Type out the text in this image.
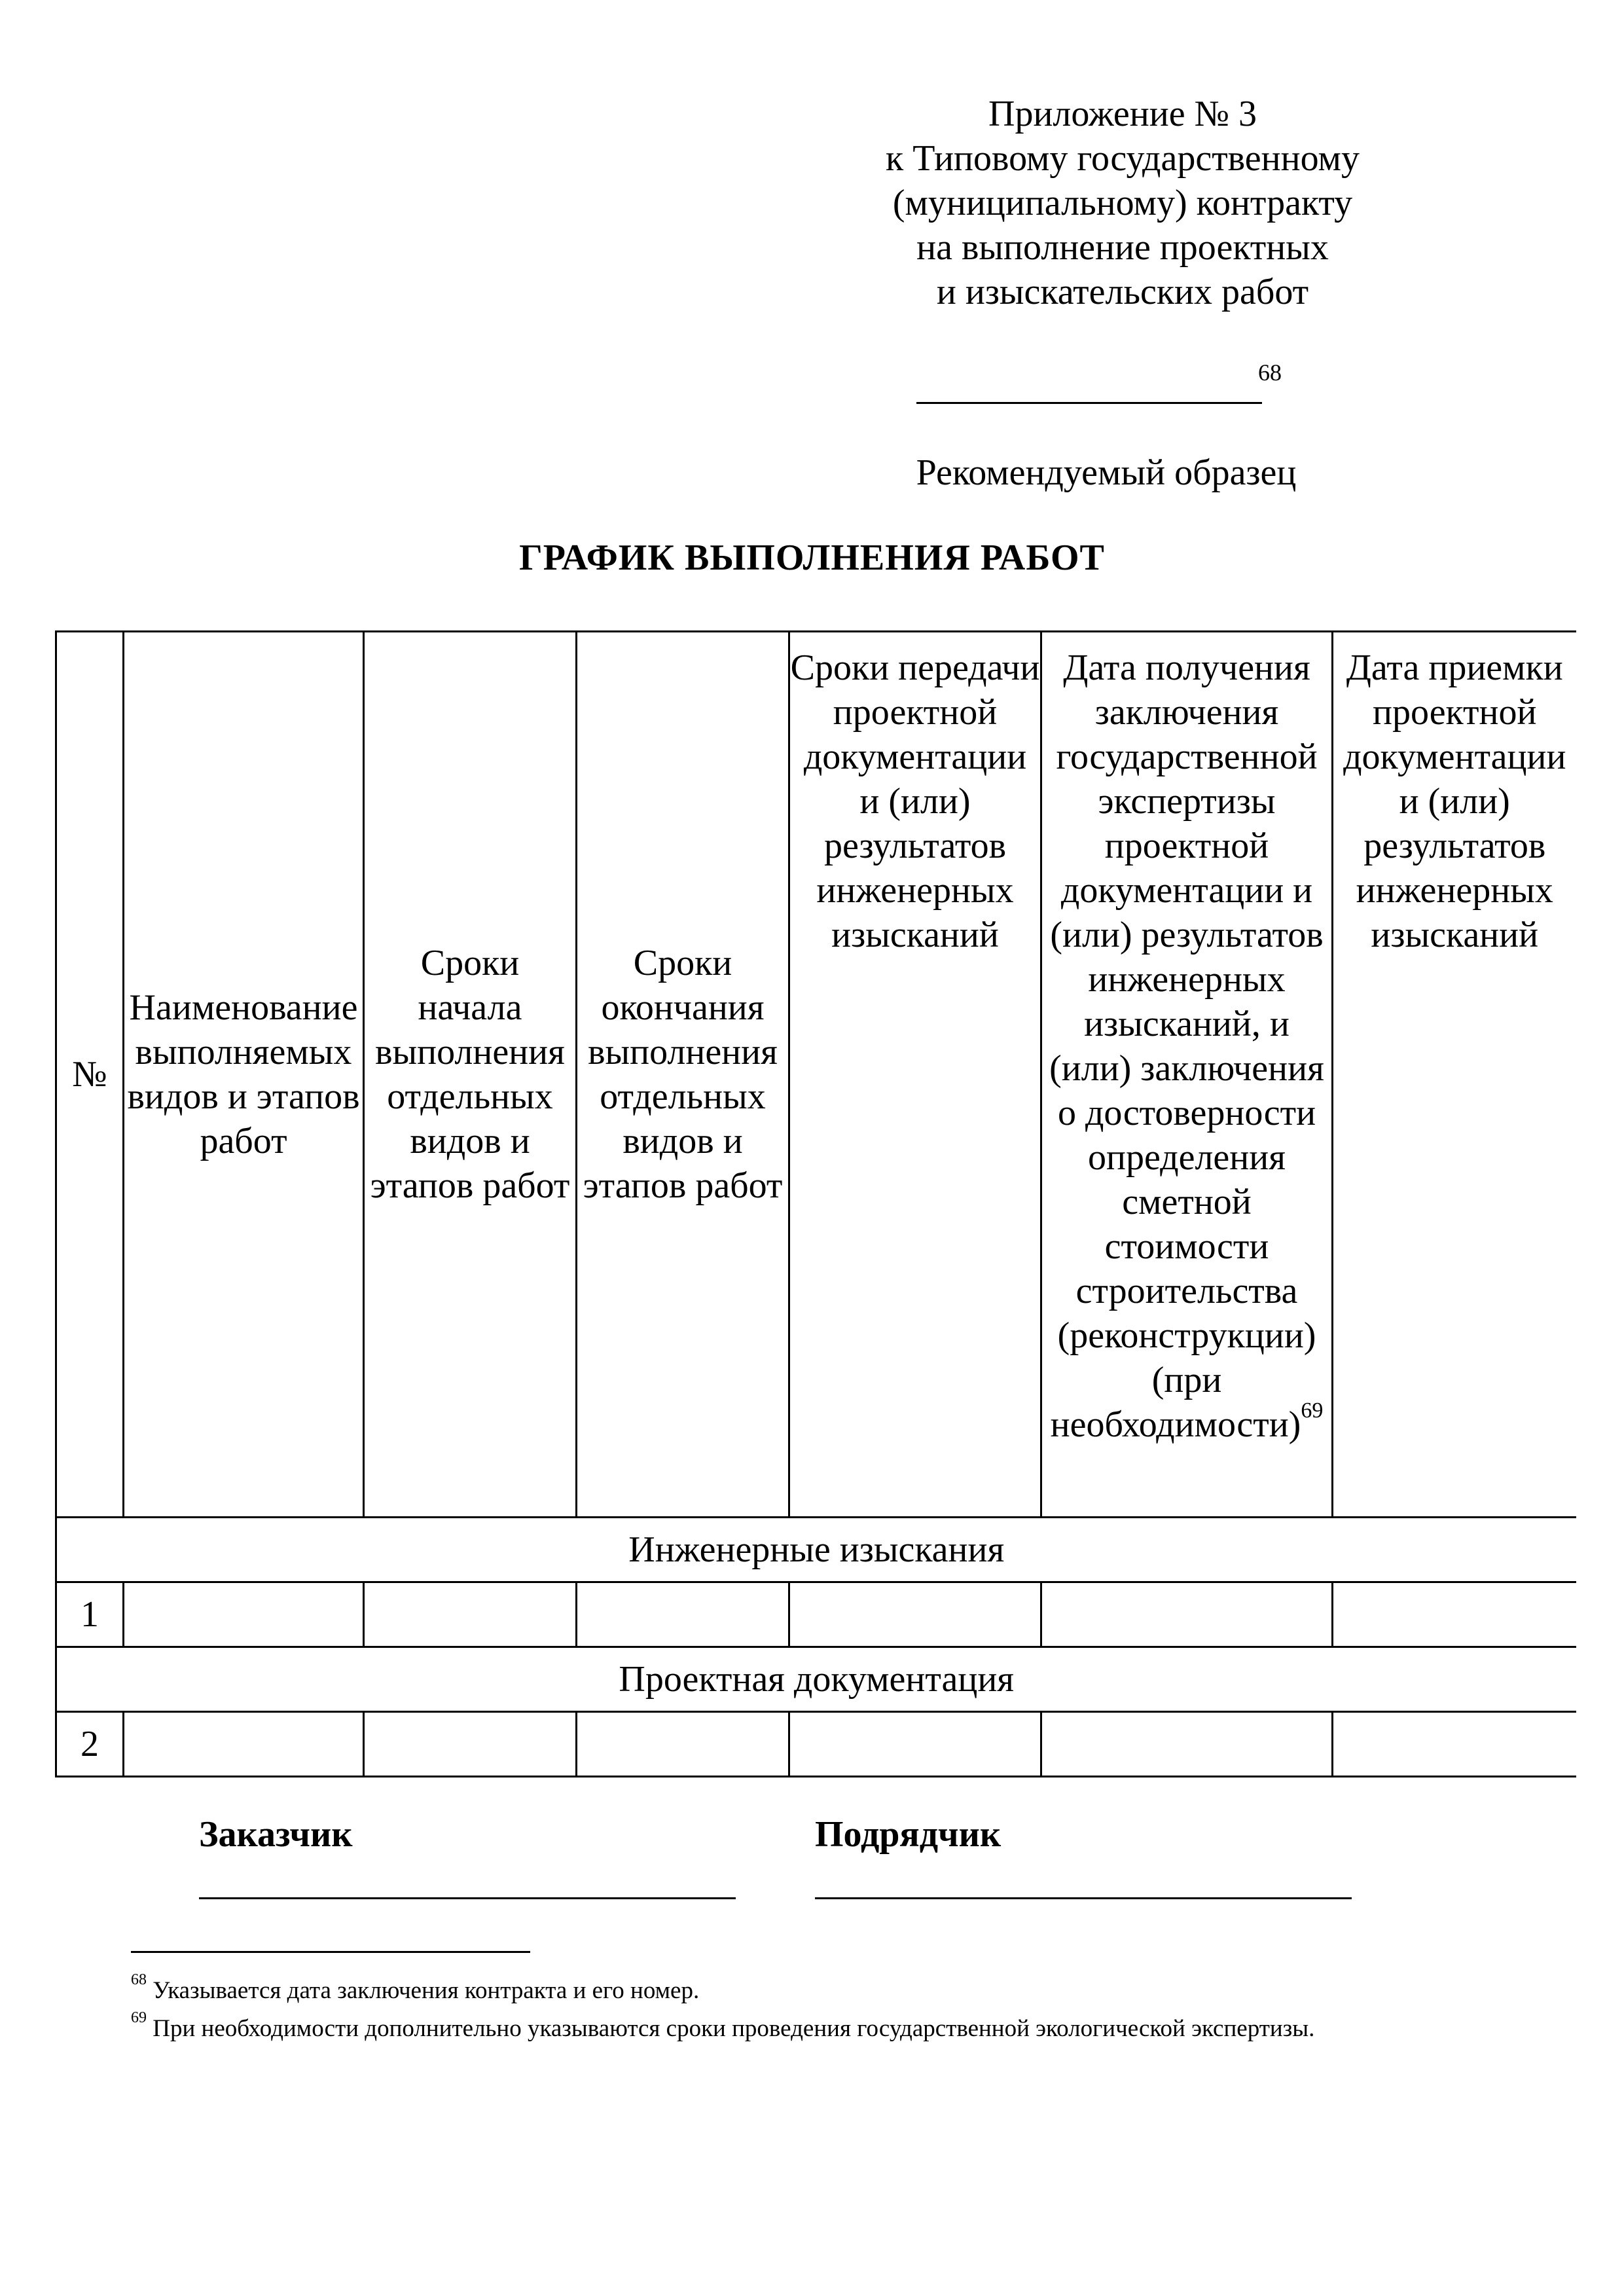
Приложение № 3
к Типовому государственному
(муниципальному) контракту
на выполнение проектных
и изыскательских работ
68
Рекомендуемый образец
ГРАФИК ВЫПОЛНЕНИЯ РАБОТ
№	Наименование выполняемых видов и этапов работ	Сроки начала выполнения отдельных видов и этапов работ	Сроки окончания выполнения отдельных видов и этапов работ	Сроки передачи проектной документации и (или) результатов инженерных изысканий	Дата получения заключения государственной экспертизы проектной документации и (или) результатов инженерных изысканий, и (или) заключения о достоверности определения сметной стоимости строительства (реконструкции) (при необходимости)$^{69}$	Дата приемки проектной документации и (или) результатов инженерных изысканий

Инженерные изыскания						
1						
Проектная документация						
2						
Заказчик	Подрядчик
$^{68}$ Указывается дата заключения контракта и его номер.
$^{69}$ При необходимости дополнительно указываются сроки проведения государственной экологической экспертизы.
